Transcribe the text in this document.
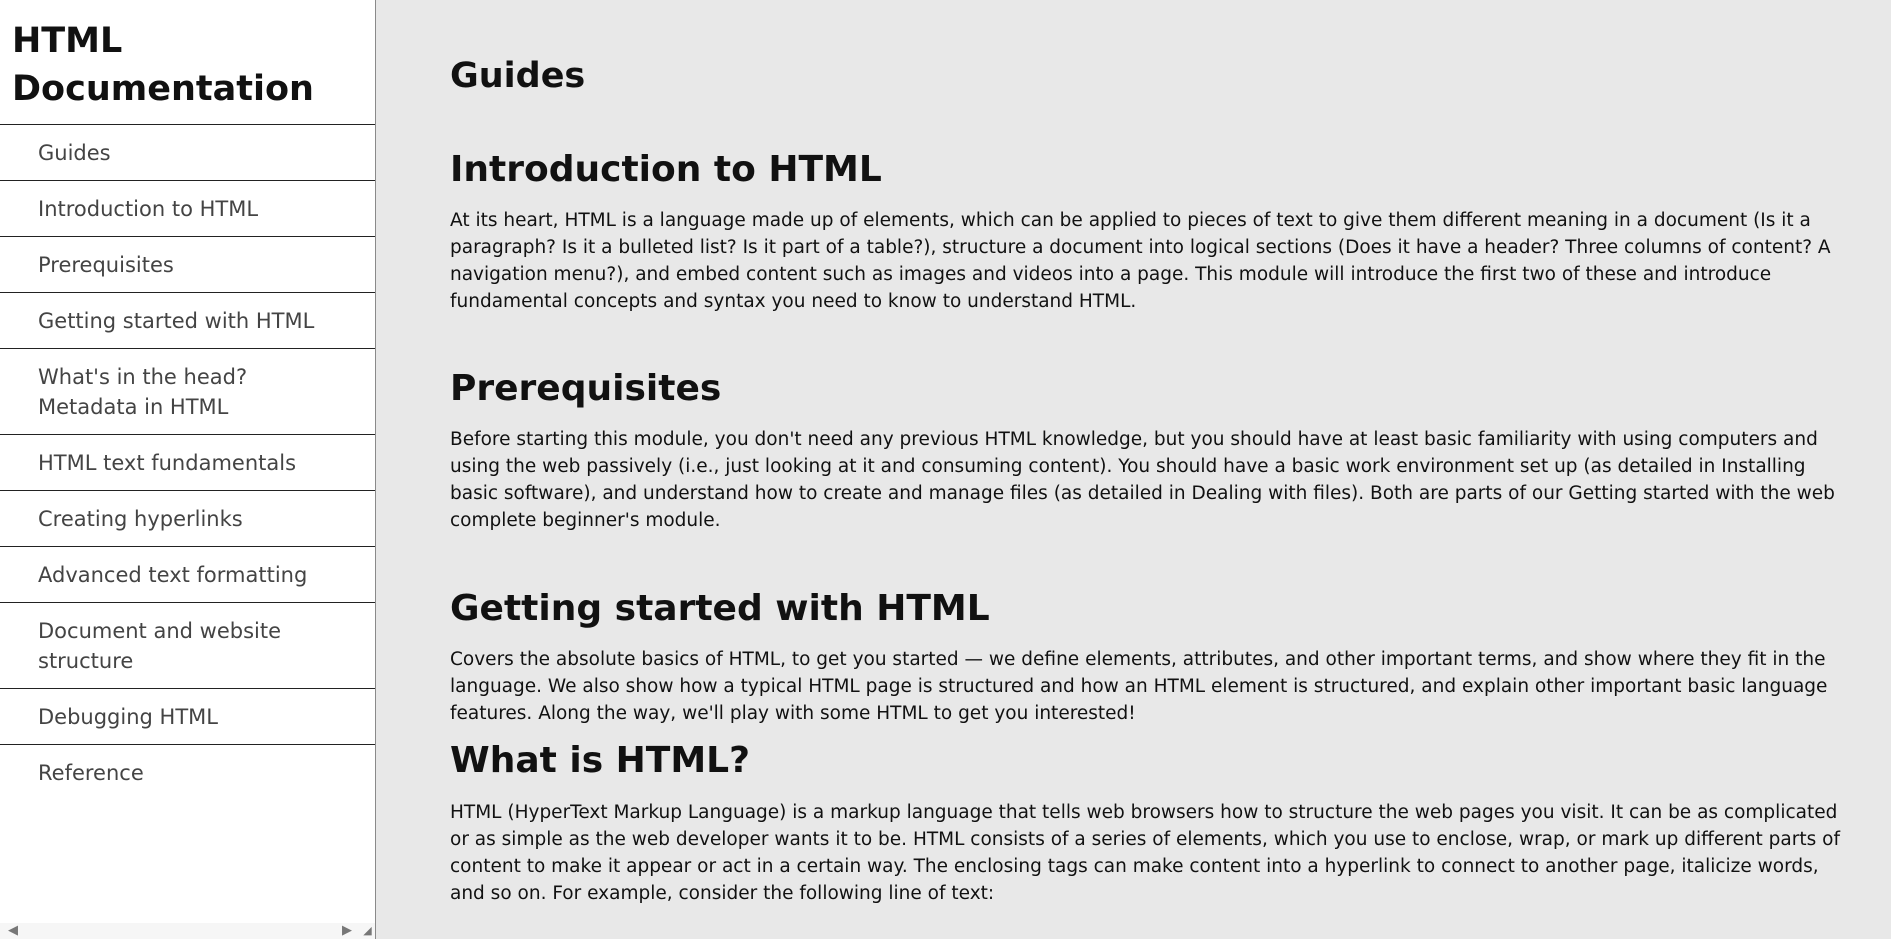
HTML Documentation
Guides
Introduction to HTML
Prerequisites
Getting started with HTML
What's in the head? Metadata in HTML
HTML text fundamentals
Creating hyperlinks
Advanced text formatting
Document and website structure
Debugging HTML
Reference
◀	▶ ◢
Guides
Introduction to HTML

At its heart, HTML is a language made up of elements, which can be applied to pieces of text to give them different meaning in a document (Is it a paragraph? Is it a bulleted list? Is it part of a table?), structure a document into logical sections (Does it have a header? Three columns of content? A navigation menu?), and embed content such as images and videos into a page. This module will introduce the first two of these and introduce fundamental concepts and syntax you need to know to understand HTML.

Prerequisites

Before starting this module, you don't need any previous HTML knowledge, but you should have at least basic familiarity with using computers and using the web passively (i.e., just looking at it and consuming content). You should have a basic work environment set up (as detailed in Installing basic software), and understand how to create and manage files (as detailed in Dealing with files). Both are parts of our Getting started with the web complete beginner's module.

Getting started with HTML

Covers the absolute basics of HTML, to get you started — we define elements, attributes, and other important terms, and show where they fit in the language. We also show how a typical HTML page is structured and how an HTML element is structured, and explain other important basic language features. Along the way, we'll play with some HTML to get you interested!

What is HTML?

HTML (HyperText Markup Language) is a markup language that tells web browsers how to structure the web pages you visit. It can be as complicated or as simple as the web developer wants it to be. HTML consists of a series of elements, which you use to enclose, wrap, or mark up different parts of content to make it appear or act in a certain way. The enclosing tags can make content into a hyperlink to connect to another page, italicize words, and so on. For example, consider the following line of text:
